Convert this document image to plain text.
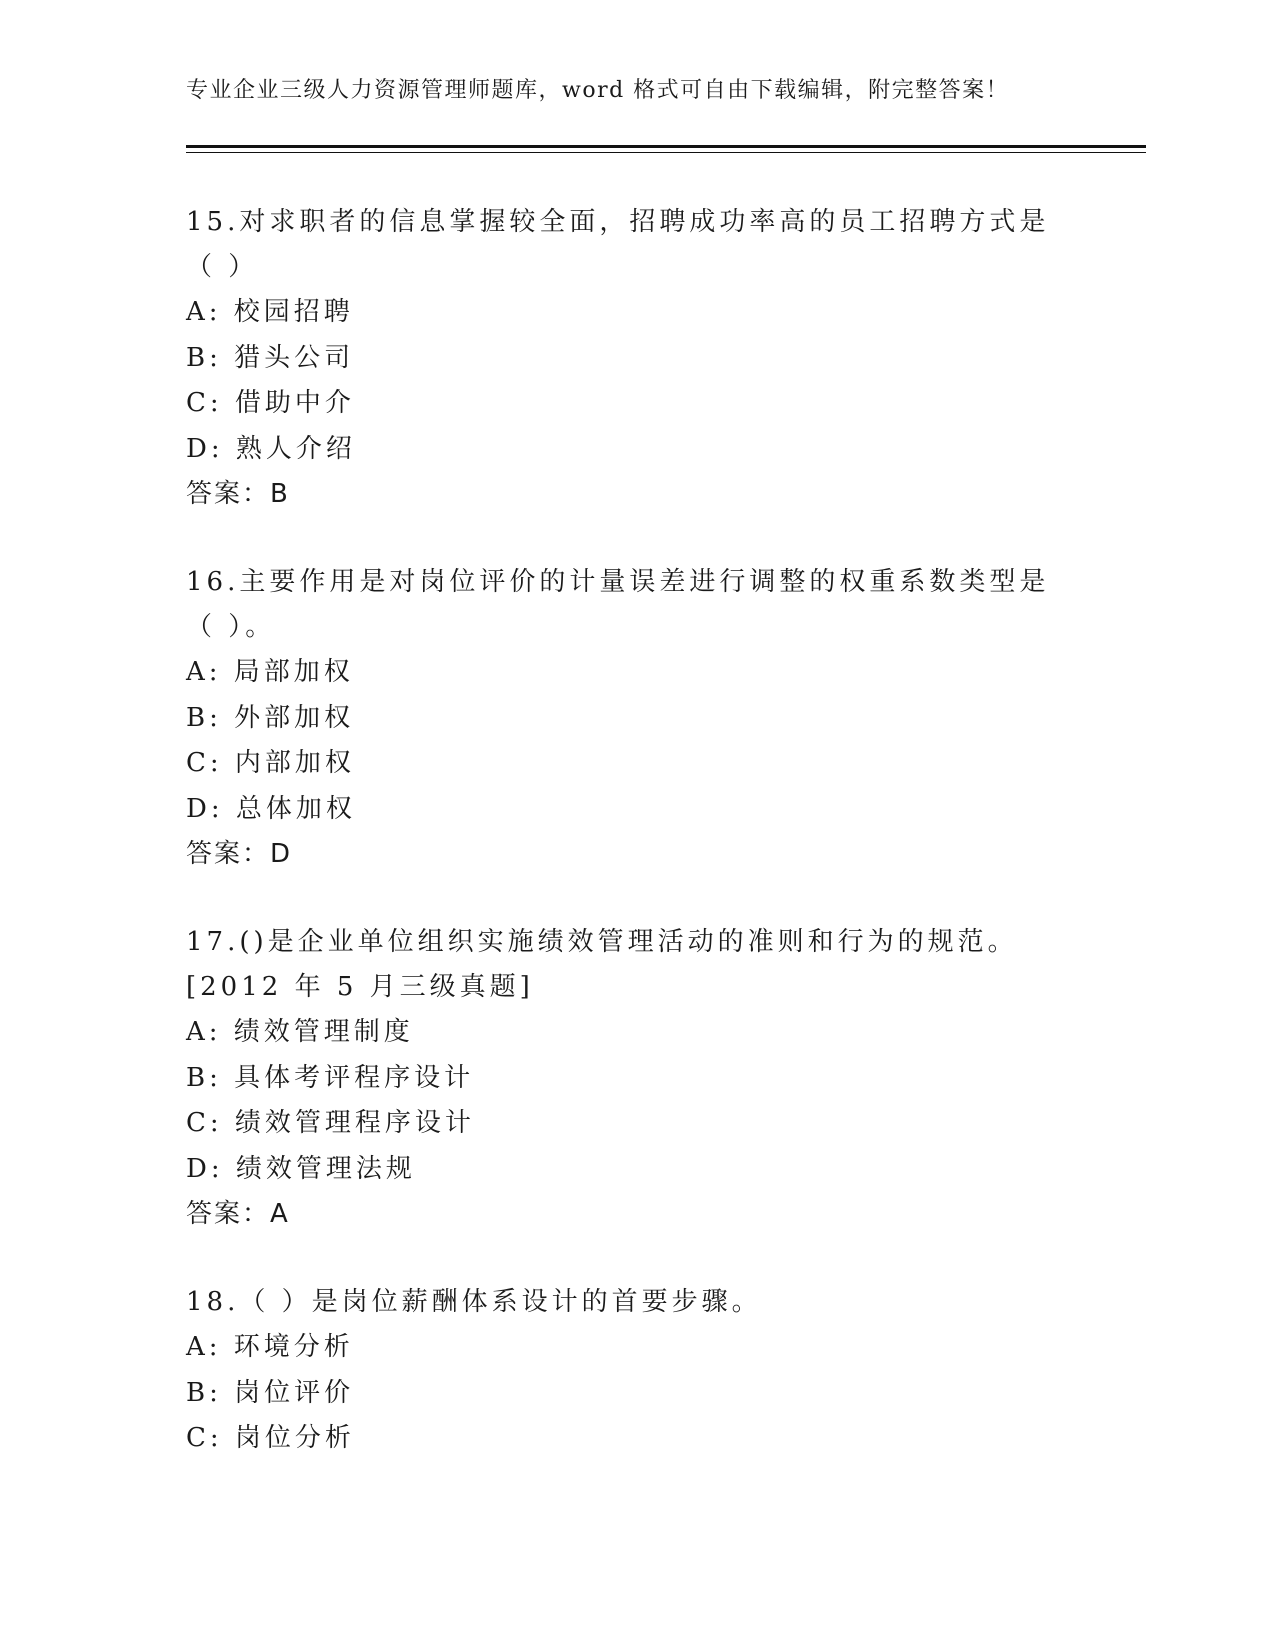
专业企业三级人力资源管理师题库，word 格式可自由下载编辑，附完整答案！

15.对求职者的信息掌握较全面，招聘成功率高的员工招聘方式是（ ）

A: 校园招聘
B: 猎头公司
C: 借助中介
D: 熟人介绍
答案：B

16.主要作用是对岗位评价的计量误差进行调整的权重系数类型是（ ）。

A: 局部加权
B: 外部加权
C: 内部加权
D: 总体加权
答案：D

17.()是企业单位组织实施绩效管理活动的准则和行为的规范。[2012 年 5 月三级真题]

A: 绩效管理制度
B: 具体考评程序设计
C: 绩效管理程序设计
D: 绩效管理法规
答案：A

18.（ ）是岗位薪酬体系设计的首要步骤。

A: 环境分析
B: 岗位评价
C: 岗位分析
